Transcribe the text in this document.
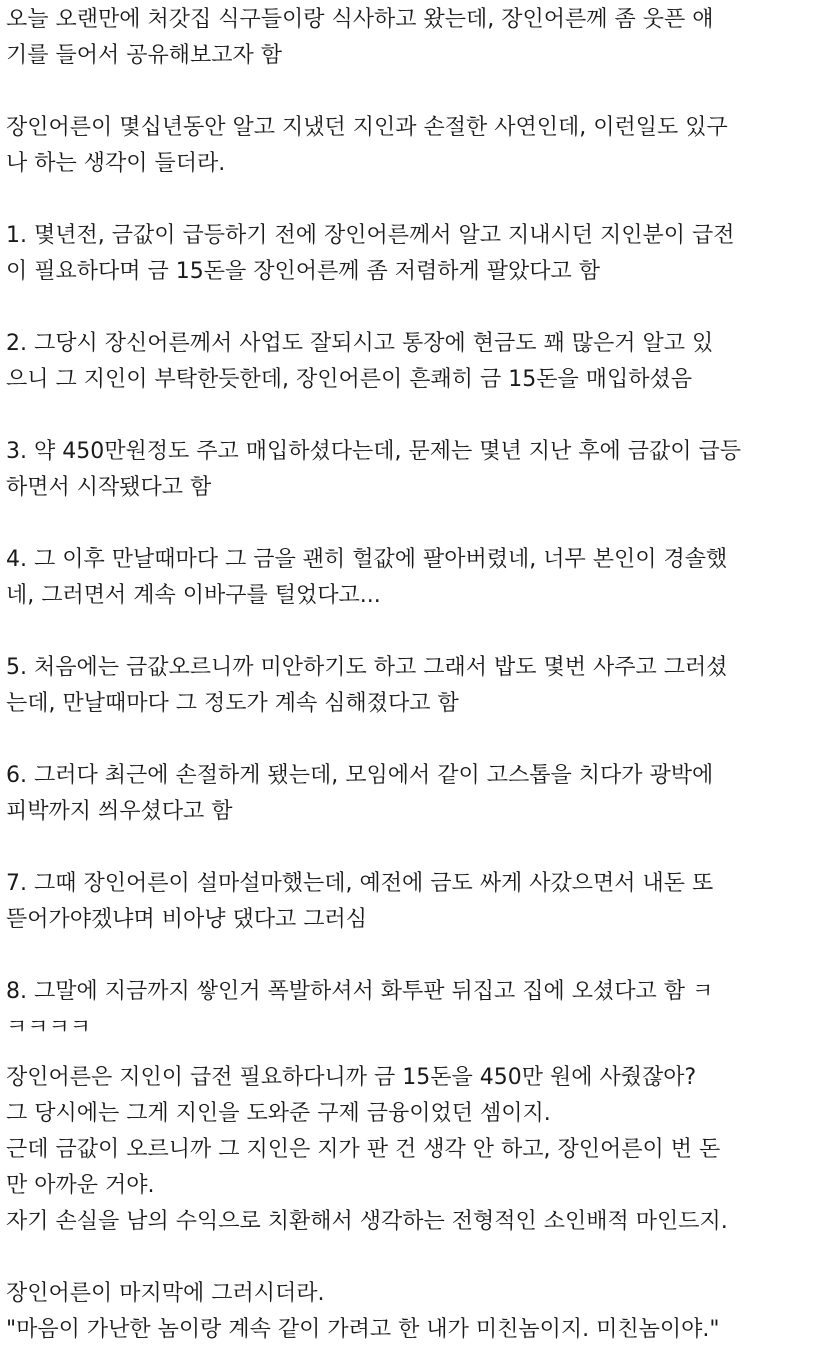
오늘 오랜만에 처갓집 식구들이랑 식사하고 왔는데, 장인어른께 좀 웃픈 얘
기를 들어서 공유해보고자 함
장인어른이 몇십년동안 알고 지냈던 지인과 손절한 사연인데, 이런일도 있구
나 하는 생각이 들더라.
1. 몇년전, 금값이 급등하기 전에 장인어른께서 알고 지내시던 지인분이 급전
이 필요하다며 금 15돈을 장인어른께 좀 저렴하게 팔았다고 함
2. 그당시 장신어른께서 사업도 잘되시고 통장에 현금도 꽤 많은거 알고 있
으니 그 지인이 부탁한듯한데, 장인어른이 흔쾌히 금 15돈을 매입하셨음
3. 약 450만원정도 주고 매입하셨다는데, 문제는 몇년 지난 후에 금값이 급등
하면서 시작됐다고 함
4. 그 이후 만날때마다 그 금을 괜히 헐값에 팔아버렸네, 너무 본인이 경솔했
네, 그러면서 계속 이바구를 털었다고...
5. 처음에는 금값오르니까 미안하기도 하고 그래서 밥도 몇번 사주고 그러셨
는데, 만날때마다 그 정도가 계속 심해졌다고 함
6. 그러다 최근에 손절하게 됐는데, 모임에서 같이 고스톱을 치다가 광박에
피박까지 씌우셨다고 함
7. 그때 장인어른이 설마설마했는데, 예전에 금도 싸게 사갔으면서 내돈 또
뜯어가야겠냐며 비아냥 댔다고 그러심
8. 그말에 지금까지 쌓인거 폭발하셔서 화투판 뒤집고 집에 오셨다고 함 ㅋ
ㅋㅋㅋㅋ
장인어른은 지인이 급전 필요하다니까 금 15돈을 450만 원에 사줬잖아?
그 당시에는 그게 지인을 도와준 구제 금융이었던 셈이지.
근데 금값이 오르니까 그 지인은 지가 판 건 생각 안 하고, 장인어른이 번 돈
만 아까운 거야.
자기 손실을 남의 수익으로 치환해서 생각하는 전형적인 소인배적 마인드지.
장인어른이 마지막에 그러시더라.
"마음이 가난한 놈이랑 계속 같이 가려고 한 내가 미친놈이지. 미친놈이야."
